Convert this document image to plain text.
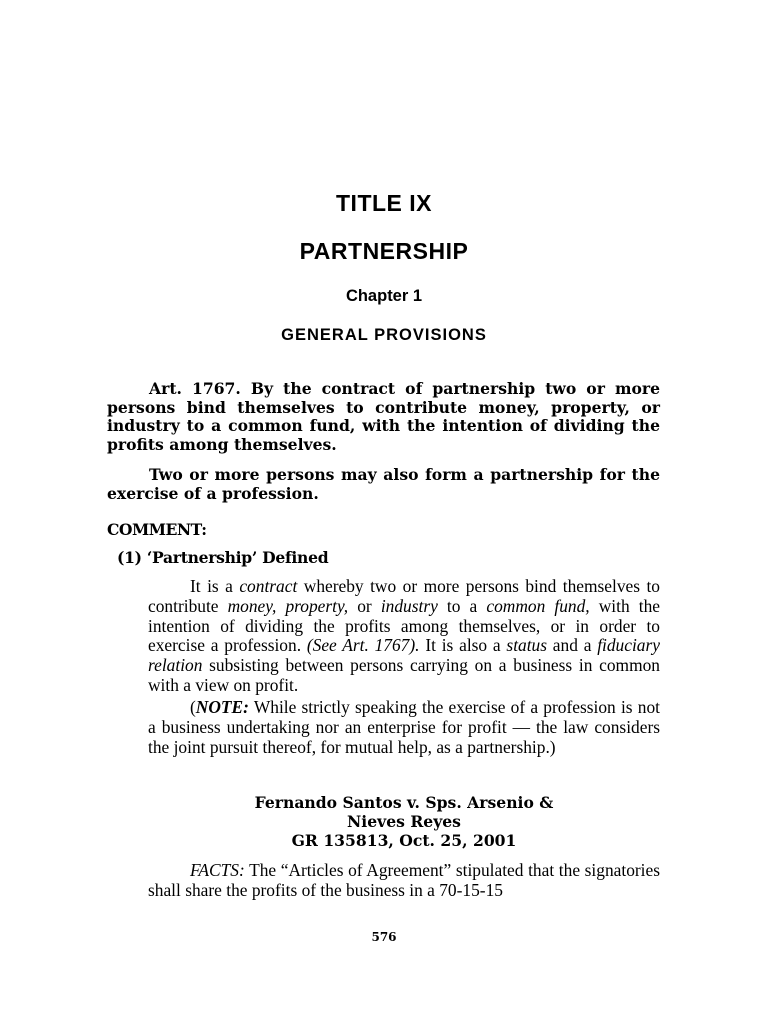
TITLE IX
PARTNERSHIP
Chapter 1
GENERAL PROVISIONS

Art. 1767. By the contract of partnership two or more persons bind themselves to contribute money, property, or industry to a common fund, with the intention of dividing the profits among themselves.

Two or more persons may also form a partnership for the exercise of a profession.

COMMENT:
(1) ‘Partnership’ Defined

It is a contract whereby two or more persons bind themselves to contribute money, property, or industry to a common fund, with the intention of dividing the profits among themselves, or in order to exercise a profession. (See Art. 1767). It is also a status and a fiduciary relation subsisting between persons carrying on a business in common with a view on profit.

(NOTE: While strictly speaking the exercise of a profession is not a business undertaking nor an enterprise for profit — the law considers the joint pursuit thereof, for mutual help, as a partnership.)

Fernando Santos v. Sps. Arsenio &
Nieves Reyes
GR 135813, Oct. 25, 2001

FACTS: The “Articles of Agreement” stipulated that the signatories shall share the profits of the business in a 70-15-15

576
